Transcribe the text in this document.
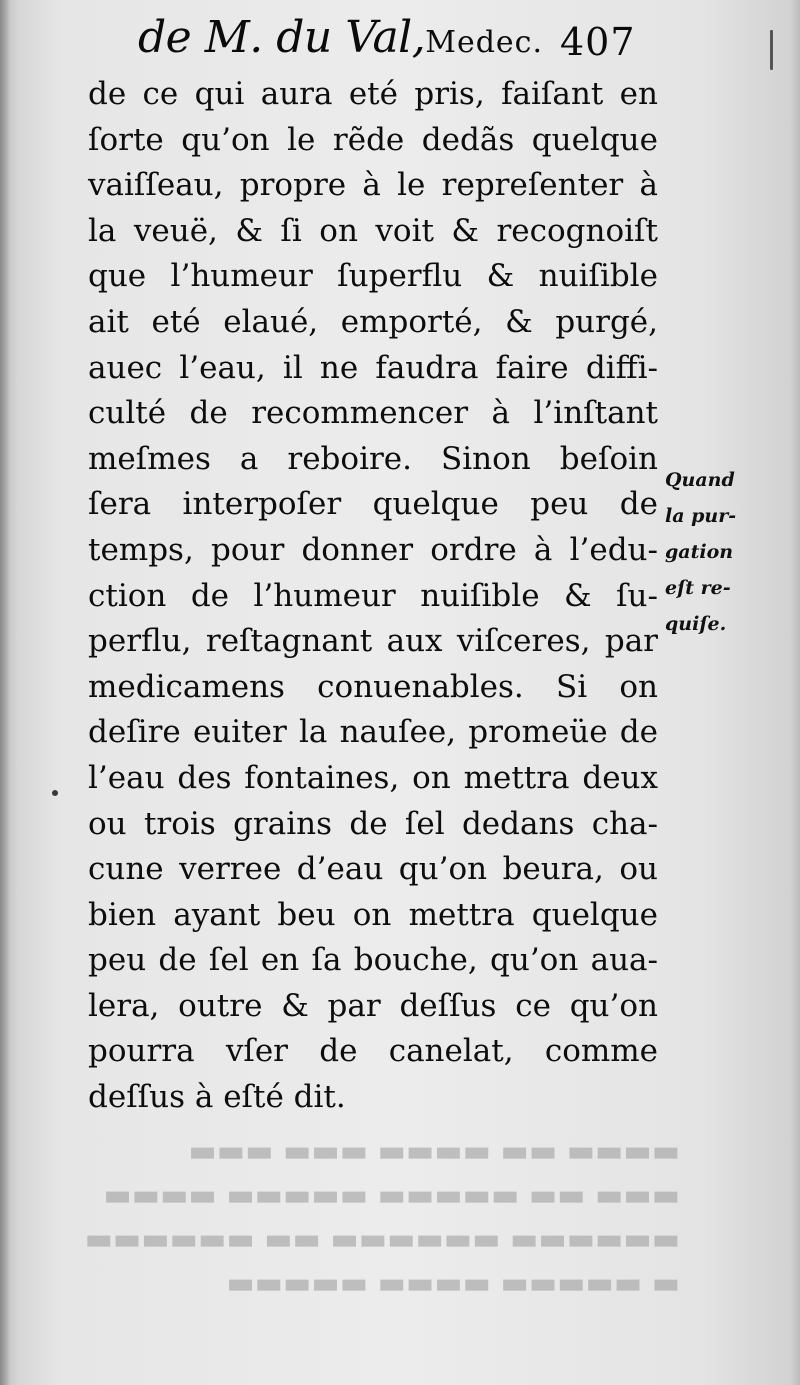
de M. du Val,Medec. 407
de ce qui aura eté pris, faiſant en
ſorte qu’on le rẽde dedãs quelque
vaiſſeau, propre à le repreſenter à
la veuë, & ſi on voit & recognoiſt
que l’humeur ſuperflu & nuiſible
ait eté elaué, emporté, & purgé,
auec l’eau, il ne faudra faire diffi-
culté de recommencer à l’inſtant
meſmes a reboire. Sinon beſoin
ſera interpoſer quelque peu de
temps, pour donner ordre à l’edu-
ction de l’humeur nuiſible & ſu-
perflu, reſtagnant aux viſceres, par
medicamens conuenables. Si on
deſire euiter la nauſee, promeüe de
l’eau des fontaines, on mettra deux
ou trois grains de ſel dedans cha-
cune verree d’eau qu’on beura, ou
bien ayant beu on mettra quelque
peu de ſel en ſa bouche, qu’on aua-
lera, outre & par deſſus ce qu’on
pourra vſer de canelat, comme
deſſus à eſté dit.
Quand
la pur-
gation
eſt re-
quiſe.
▬▬▬▬ ▬▬ ▬▬▬▬ ▬▬▬ ▬▬▬
▬▬▬ ▬▬ ▬▬▬▬▬ ▬▬▬▬▬ ▬▬▬▬
▬▬▬▬▬▬ ▬▬▬▬▬▬ ▬▬ ▬▬▬▬▬▬
▬ ▬▬▬▬▬ ▬▬▬▬ ▬▬▬▬▬
